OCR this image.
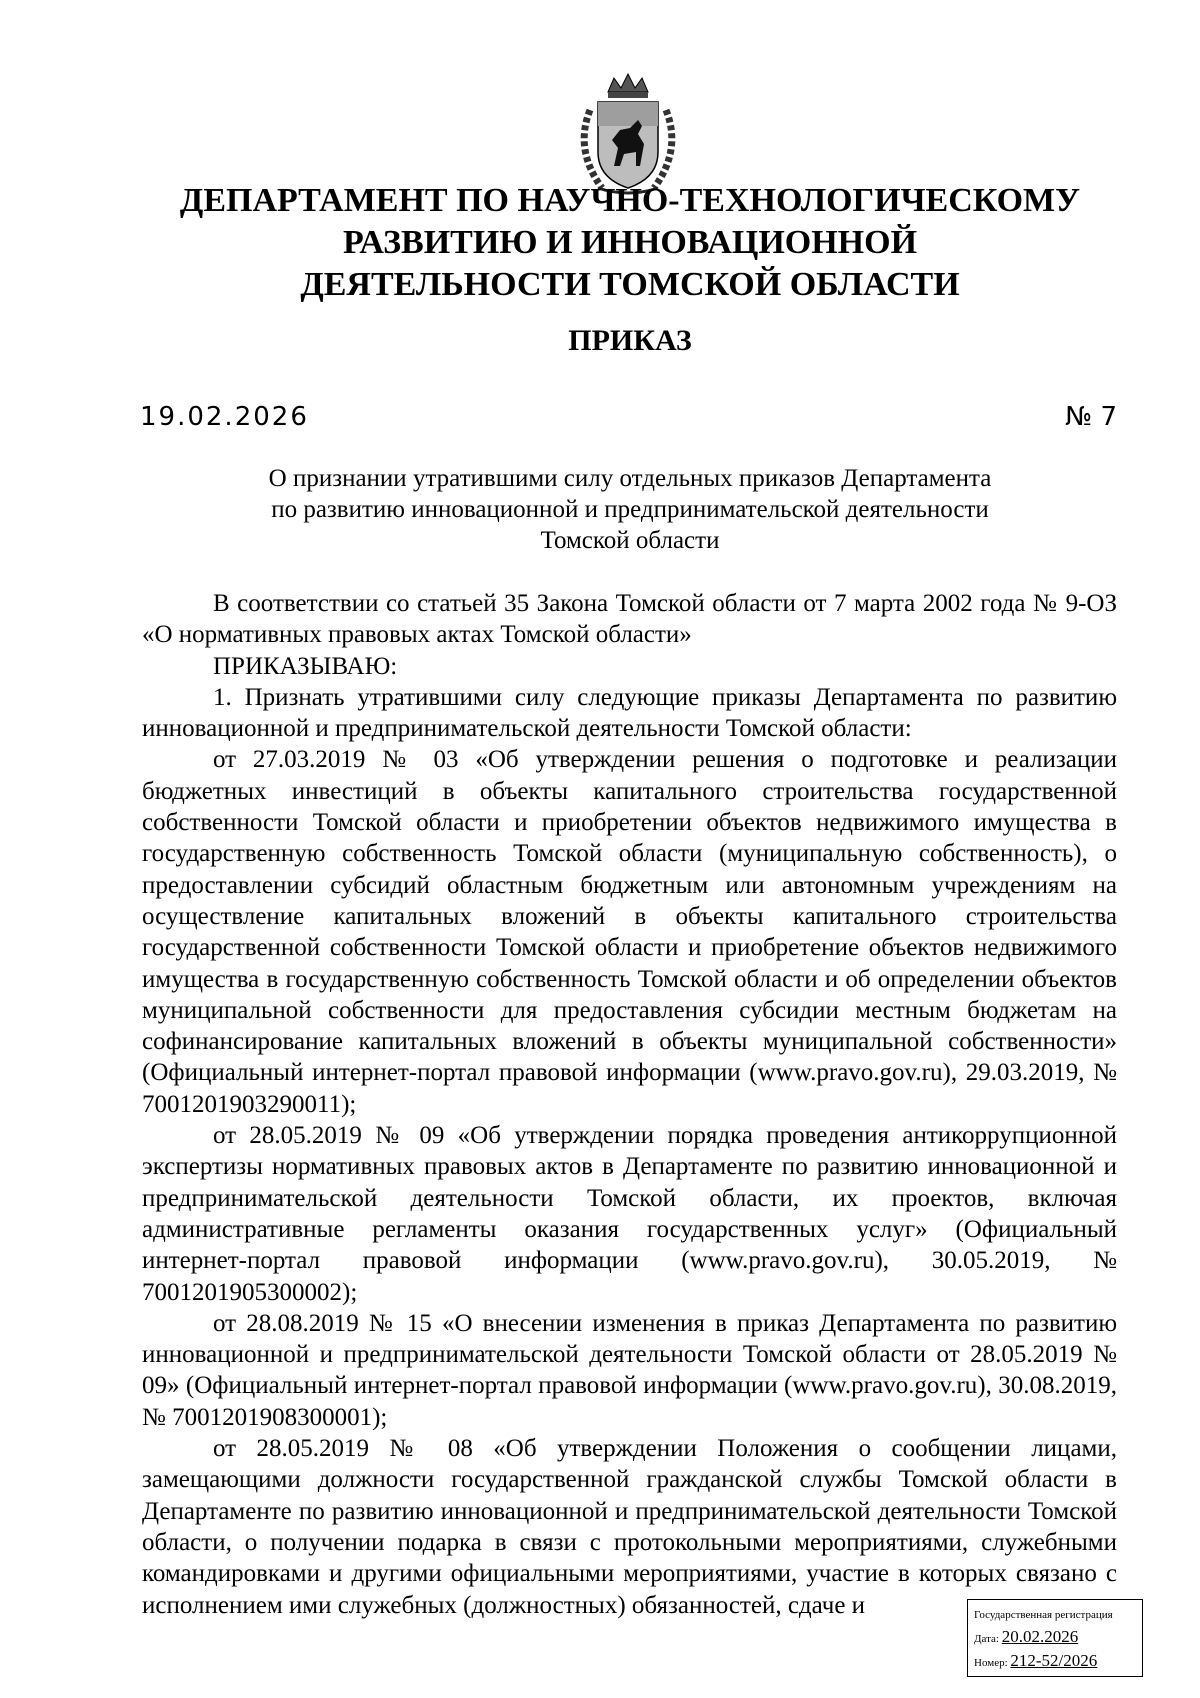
ДЕПАРТАМЕНТ ПО НАУЧНО-ТЕХНОЛОГИЧЕСКОМУ
РАЗВИТИЮ И ИННОВАЦИОННОЙ
ДЕЯТЕЛЬНОСТИ ТОМСКОЙ ОБЛАСТИ
ПРИКАЗ
19.02.2026	№ 7
О признании утратившими силу отдельных приказов Департамента
по развитию инновационной и предпринимательской деятельности
Томской области

В соответствии со статьей 35 Закона Томской области от 7 марта 2002 года № 9-ОЗ «О нормативных правовых актах Томской области»

ПРИКАЗЫВАЮ:

1. Признать утратившими силу следующие приказы Департамента по развитию инновационной и предпринимательской деятельности Томской области:

от 27.03.2019 № 03 «Об утверждении решения о подготовке и реализации бюджетных инвестиций в объекты капитального строительства государственной собственности Томской области и приобретении объектов недвижимого имущества в государственную собственность Томской области (муниципальную собственность), о предоставлении субсидий областным бюджетным или автономным учреждениям на осуществление капитальных вложений в объекты капитального строительства государственной собственности Томской области и приобретение объектов недвижимого имущества в государственную собственность Томской области и об определении объектов муниципальной собственности для предоставления субсидии местным бюджетам на софинансирование капитальных вложений в объекты муниципальной собственности» (Официальный интернет-портал правовой информации (www.pravo.gov.ru), 29.03.2019, № 7001201903290011);

от 28.05.2019 № 09 «Об утверждении порядка проведения антикоррупционной экспертизы нормативных правовых актов в Департаменте по развитию инновационной и предпринимательской деятельности Томской области, их проектов, включая административные регламенты оказания государственных услуг» (Официальный интернет-портал правовой информации (www.pravo.gov.ru), 30.05.2019, № 7001201905300002);

от 28.08.2019 № 15 «О внесении изменения в приказ Департамента по развитию инновационной и предпринимательской деятельности Томской области от 28.05.2019 № 09» (Официальный интернет-портал правовой информации (www.pravo.gov.ru), 30.08.2019, № 7001201908300001);

от 28.05.2019 № 08 «Об утверждении Положения о сообщении лицами, замещающими должности государственной гражданской службы Томской области в Департаменте по развитию инновационной и предпринимательской деятельности Томской области, о получении подарка в связи с протокольными мероприятиями, служебными командировками и другими официальными мероприятиями, участие в которых связано с исполнением ими служебных (должностных) обязанностей, сдаче и	Государственная регистрация
Дата: 20.02.2026
Номер: 212-52/2026
